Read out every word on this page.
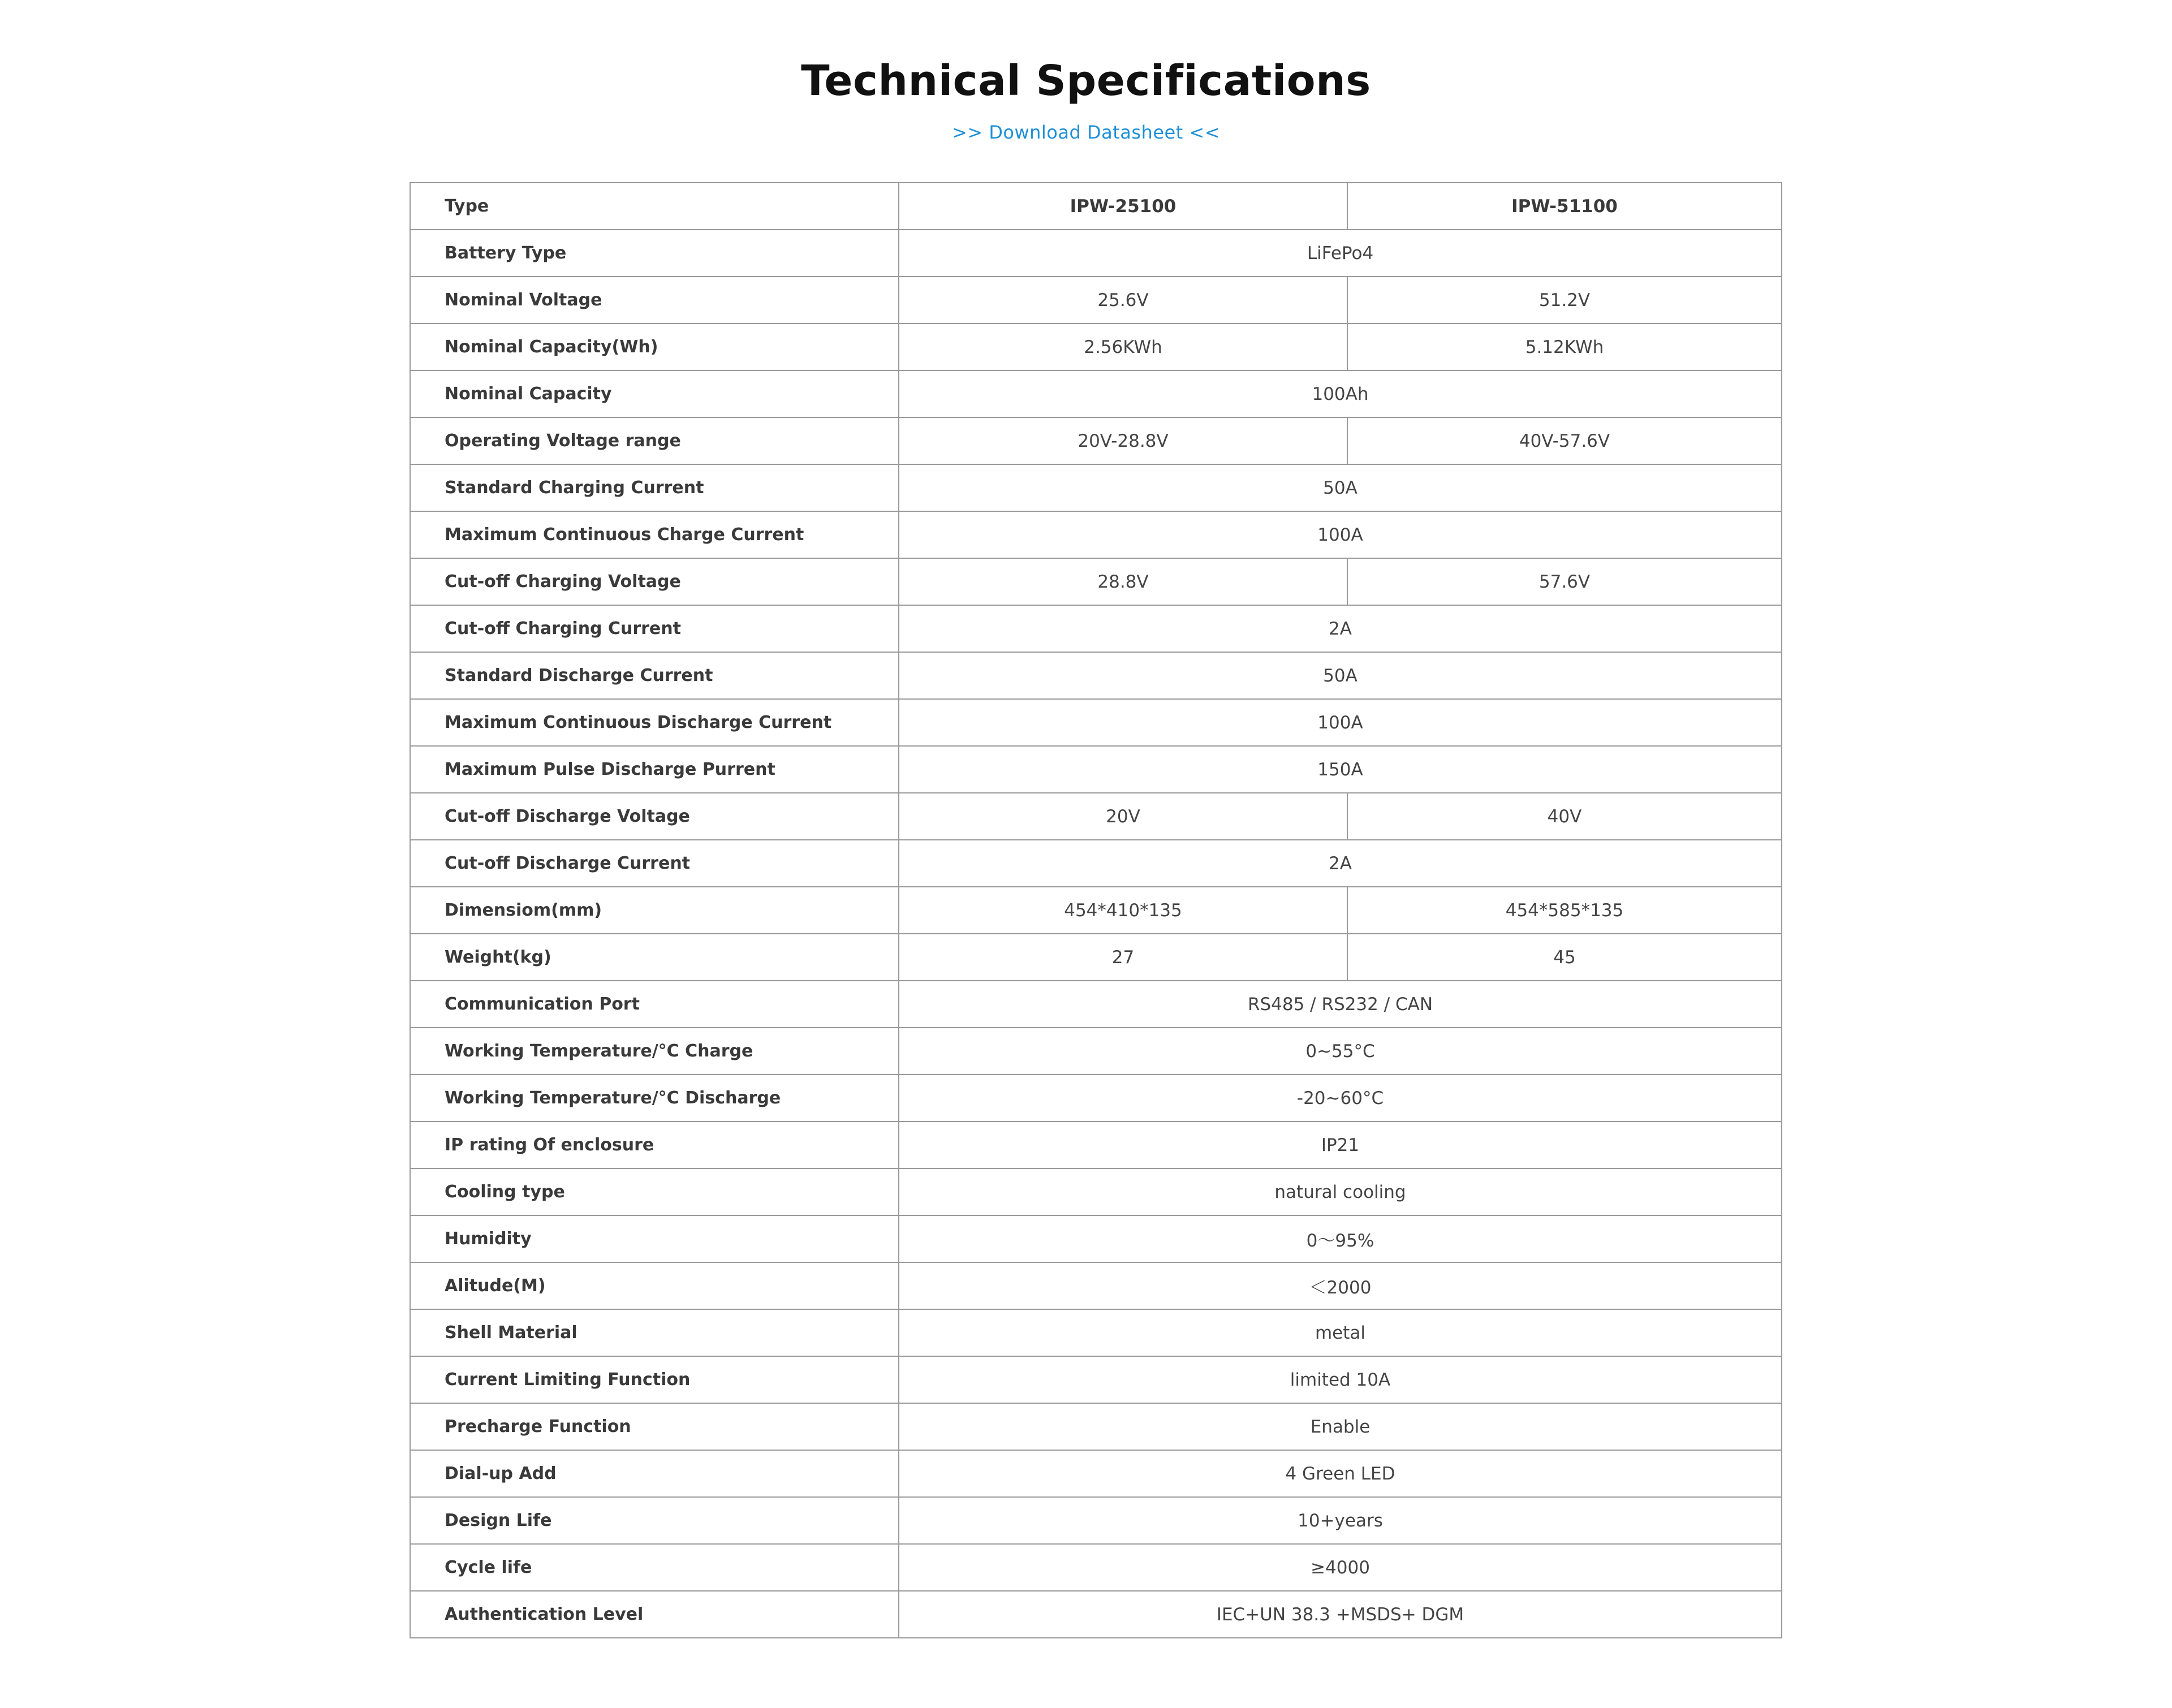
Technical Specifications
>> Download Datasheet <<
Type	IPW-25100	IPW-51100
Battery Type	LiFePo4	
Nominal Voltage	25.6V	51.2V
Nominal Capacity(Wh)	2.56KWh	5.12KWh
Nominal Capacity	100Ah	
Operating Voltage range	20V-28.8V	40V-57.6V
Standard Charging Current	50A	
Maximum Continuous Charge Current	100A	
Cut-off Charging Voltage	28.8V	57.6V
Cut-off Charging Current	2A	
Standard Discharge Current	50A	
Maximum Continuous Discharge Current	100A	
Maximum Pulse Discharge Purrent	150A	
Cut-off Discharge Voltage	20V	40V
Cut-off Discharge Current	2A	
Dimensiom(mm)	454*410*135	454*585*135
Weight(kg)	27	45
Communication Port	RS485 / RS232 / CAN	
Working Temperature/°C Charge	0~55°C	
Working Temperature/°C Discharge	-20~60°C	
IP rating Of enclosure	IP21	
Cooling type	natural cooling	
Humidity	0～95%	
Alitude(M)	＜2000	
Shell Material	metal	
Current Limiting Function	limited 10A	
Precharge Function	Enable	
Dial-up Add	4 Green LED	
Design Life	10+years	
Cycle life	≥4000	
Authentication Level	IEC+UN 38.3 +MSDS+ DGM	
